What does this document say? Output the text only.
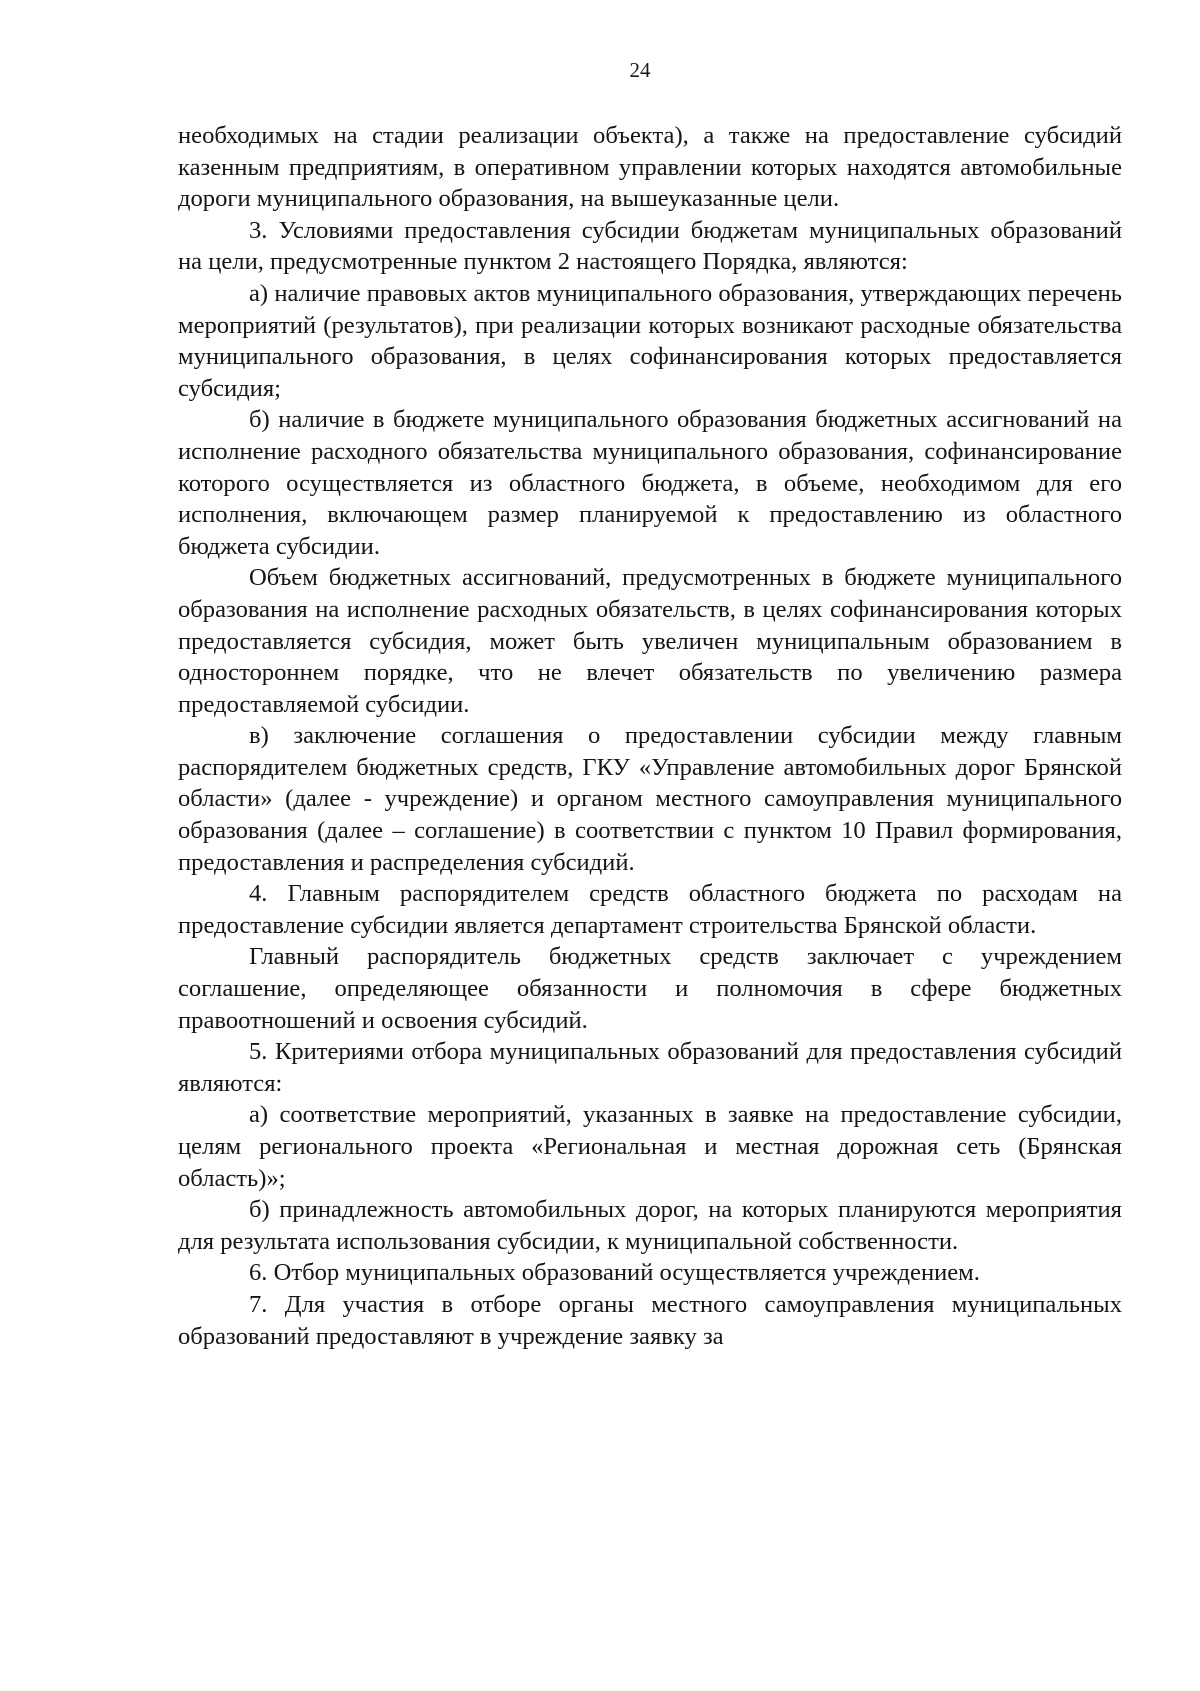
24

необходимых на стадии реализации объекта), а также на предоставление субсидий казенным предприятиям, в оперативном управлении которых находятся автомобильные дороги муниципального образования, на вышеуказанные цели.

3. Условиями предоставления субсидии бюджетам муниципальных образований на цели, предусмотренные пунктом 2 настоящего Порядка, являются:

а) наличие правовых актов муниципального образования, утверждающих перечень мероприятий (результатов), при реализации которых возникают расходные обязательства муниципального образования, в целях софинансирования которых предоставляется субсидия;

б) наличие в бюджете муниципального образования бюджетных ассигнований на исполнение расходного обязательства муниципального образования, софинансирование которого осуществляется из областного бюджета, в объеме, необходимом для его исполнения, включающем размер планируемой к предоставлению из областного бюджета субсидии.

Объем бюджетных ассигнований, предусмотренных в бюджете муниципального образования на исполнение расходных обязательств, в целях софинансирования которых предоставляется субсидия, может быть увеличен муниципальным образованием в одностороннем порядке, что не влечет обязательств по увеличению размера предоставляемой субсидии.

в) заключение соглашения о предоставлении субсидии между главным распорядителем бюджетных средств, ГКУ «Управление автомобильных дорог Брянской области» (далее - учреждение) и органом местного самоуправления муниципального образования (далее – соглашение) в соответствии с пунктом 10 Правил формирования, предоставления и распределения субсидий.

4. Главным распорядителем средств областного бюджета по расходам на предоставление субсидии является департамент строительства Брянской области.

Главный распорядитель бюджетных средств заключает с учреждением соглашение, определяющее обязанности и полномочия в сфере бюджетных правоотношений и освоения субсидий.

5. Критериями отбора муниципальных образований для предоставления субсидий являются:

а) соответствие мероприятий, указанных в заявке на предоставление субсидии, целям регионального проекта «Региональная и местная дорожная сеть (Брянская область)»;

б) принадлежность автомобильных дорог, на которых планируются мероприятия для результата использования субсидии, к муниципальной собственности.

6. Отбор муниципальных образований осуществляется учреждением.

7. Для участия в отборе органы местного самоуправления муниципальных образований предоставляют в учреждение заявку за
